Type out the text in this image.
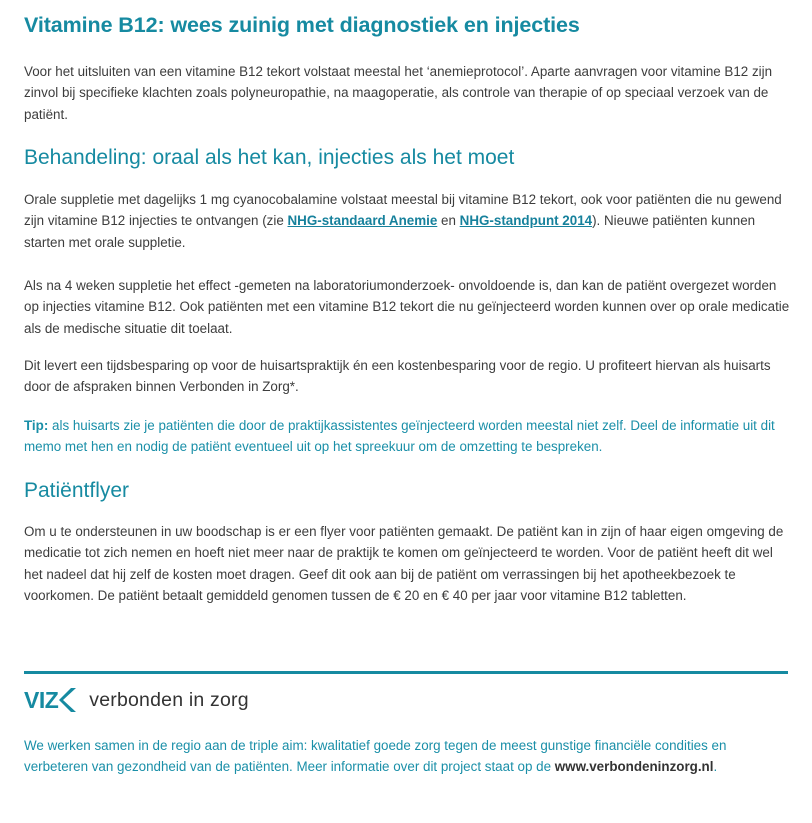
Vitamine B12: wees zuinig met diagnostiek en injecties

Voor het uitsluiten van een vitamine B12 tekort volstaat meestal het ‘anemieprotocol’. Aparte aanvragen voor vitamine B12 zijn zinvol bij specifieke klachten zoals polyneuropathie, na maagoperatie, als controle van therapie of op speciaal verzoek van de patiënt.

Behandeling: oraal als het kan, injecties als het moet

Orale suppletie met dagelijks 1 mg cyanocobalamine volstaat meestal bij vitamine B12 tekort, ook voor patiënten die nu gewend zijn vitamine B12 injecties te ontvangen (zie NHG-standaard Anemie en NHG-standpunt 2014). Nieuwe patiënten kunnen starten met orale suppletie.

Als na 4 weken suppletie het effect -gemeten na laboratoriumonderzoek- onvoldoende is, dan kan de patiënt overgezet worden op injecties vitamine B12. Ook patiënten met een vitamine B12 tekort die nu geïnjecteerd worden kunnen over op orale medicatie als de medische situatie dit toelaat.

Dit levert een tijdsbesparing op voor de huisartspraktijk én een kostenbesparing voor de regio. U profiteert hiervan als huisarts door de afspraken binnen Verbonden in Zorg*.

Tip: als huisarts zie je patiënten die door de praktijkassistentes geïnjecteerd worden meestal niet zelf. Deel de informatie uit dit memo met hen en nodig de patiënt eventueel uit op het spreekuur om de omzetting te bespreken.

Patiëntflyer

Om u te ondersteunen in uw boodschap is er een flyer voor patiënten gemaakt. De patiënt kan in zijn of haar eigen omgeving de medicatie tot zich nemen en hoeft niet meer naar de praktijk te komen om geïnjecteerd te worden. Voor de patiënt heeft dit wel het nadeel dat hij zelf de kosten moet dragen. Geef dit ook aan bij de patiënt om verrassingen bij het apotheekbezoek te voorkomen. De patiënt betaalt gemiddeld genomen tussen de € 20 en € 40 per jaar voor vitamine B12 tabletten.

VIZ verbonden in zorg

We werken samen in de regio aan de triple aim: kwalitatief goede zorg tegen de meest gunstige financiële condities en verbeteren van gezondheid van de patiënten. Meer informatie over dit project staat op de www.verbondeninzorg.nl.
